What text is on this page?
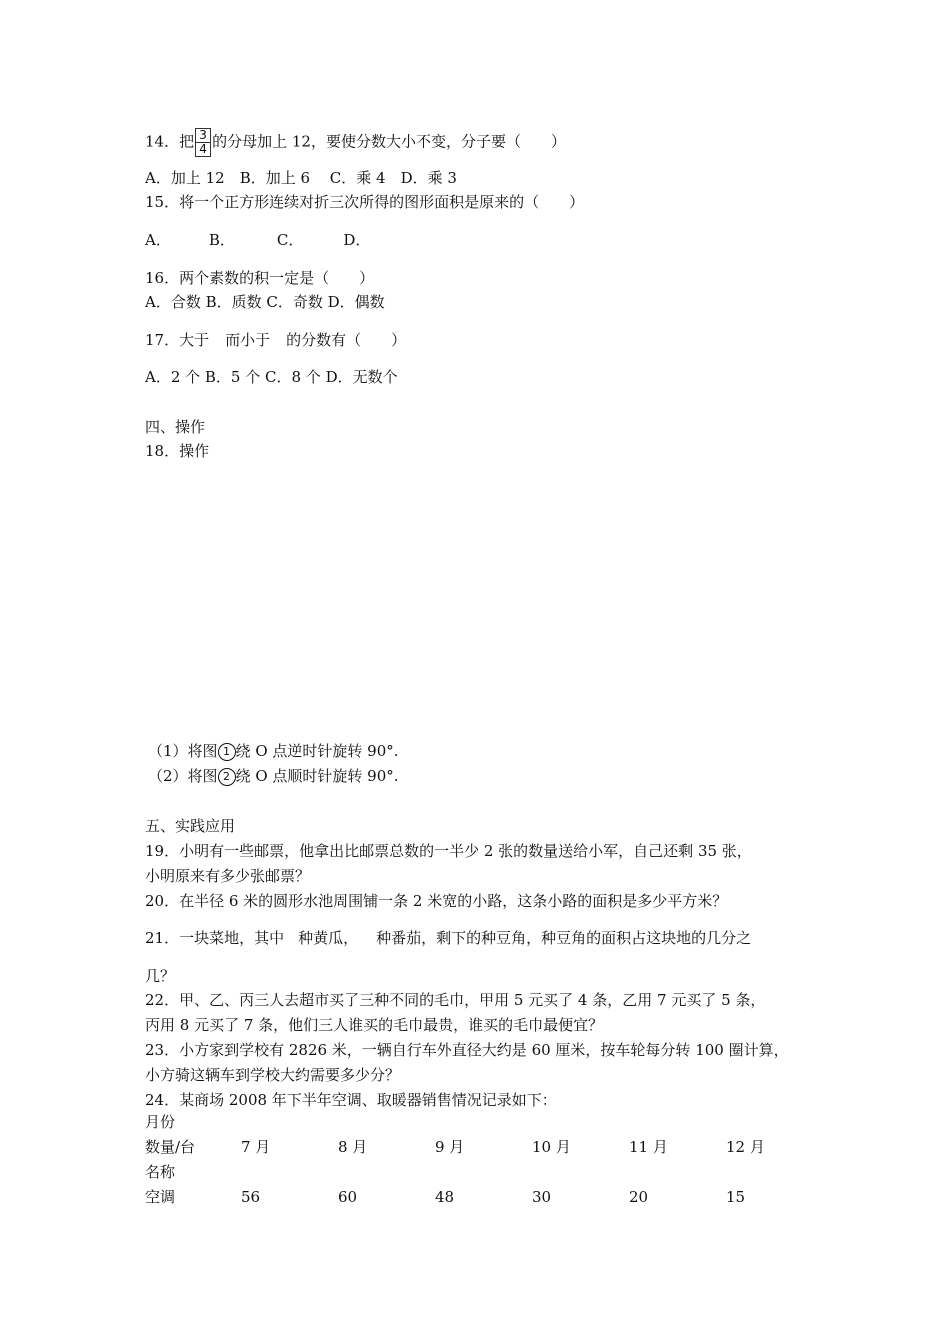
14．把 $\frac{3}{4}$ 的分母加上 12，要使分数大小不变，分子要（　　）
A．加上 12　B．加上 6　 C．乘 4　D．乘 3
15．将一个正方形连续对折三次所得的图形面积是原来的（　　）
A．	B．	C．	D．
16．两个素数的积一定是（　　）
A．合数 B．质数 C．奇数 D．偶数
17．大于 而小于 的分数有（　　）
A．2 个 B．5 个 C．8 个 D．无数个
四、操作
18．操作
（1）将图 1 绕 O 点逆时针旋转 90°.
（2）将图 2 绕 O 点顺时针旋转 90°.
五、实践应用
19．小明有一些邮票，他拿出比邮票总数的一半少 2 张的数量送给小军，自己还剩 35 张，
小明原来有多少张邮票？
20．在半径 6 米的圆形水池周围铺一条 2 米宽的小路，这条小路的面积是多少平方米？
21．一块菜地，其中 种黄瓜， 种番茄，剩下的种豆角，种豆角的面积占这块地的几分之
几？
22．甲、乙、丙三人去超市买了三种不同的毛巾，甲用 5 元买了 4 条，乙用 7 元买了 5 条，
丙用 8 元买了 7 条，他们三人谁买的毛巾最贵，谁买的毛巾最便宜？
23．小方家到学校有 2826 米，一辆自行车外直径大约是 60 厘米，按车轮每分转 100 圈计算，
小方骑这辆车到学校大约需要多少分？
24．某商场 2008 年下半年空调、取暖器销售情况记录如下：
月份
数量/台	7 月	8 月	9 月	10 月	11 月	12 月
名称
空调	56	60	48	30	20	15
